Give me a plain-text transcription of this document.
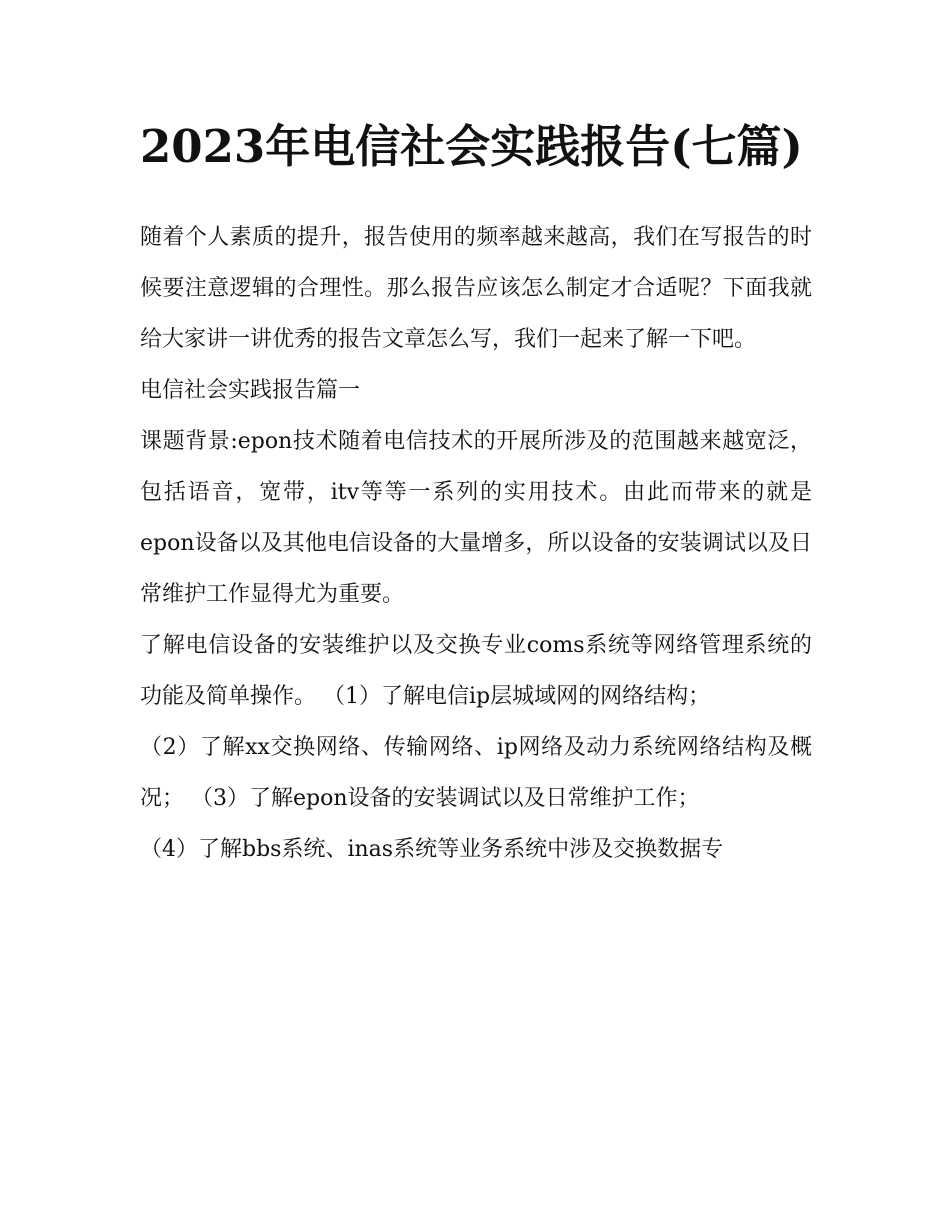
2023年电信社会实践报告(七篇)

随着个人素质的提升，报告使用的频率越来越高，我们在写报告的时候要注意逻辑的合理性。那么报告应该怎么制定才合适呢？下面我就给大家讲一讲优秀的报告文章怎么写，我们一起来了解一下吧。

电信社会实践报告篇一

课题背景:epon技术随着电信技术的开展所涉及的范围越来越宽泛，包括语音，宽带，itv等等一系列的实用技术。由此而带来的就是epon设备以及其他电信设备的大量增多，所以设备的安装调试以及日常维护工作显得尤为重要。

了解电信设备的安装维护以及交换专业coms系统等网络管理系统的功能及简单操作。 （1）了解电信ip层城域网的网络结构；

（2）了解xx交换网络、传输网络、ip网络及动力系统网络结构及概况； （3）了解epon设备的安装调试以及日常维护工作；

（4）了解bbs系统、inas系统等业务系统中涉及交换数据专
